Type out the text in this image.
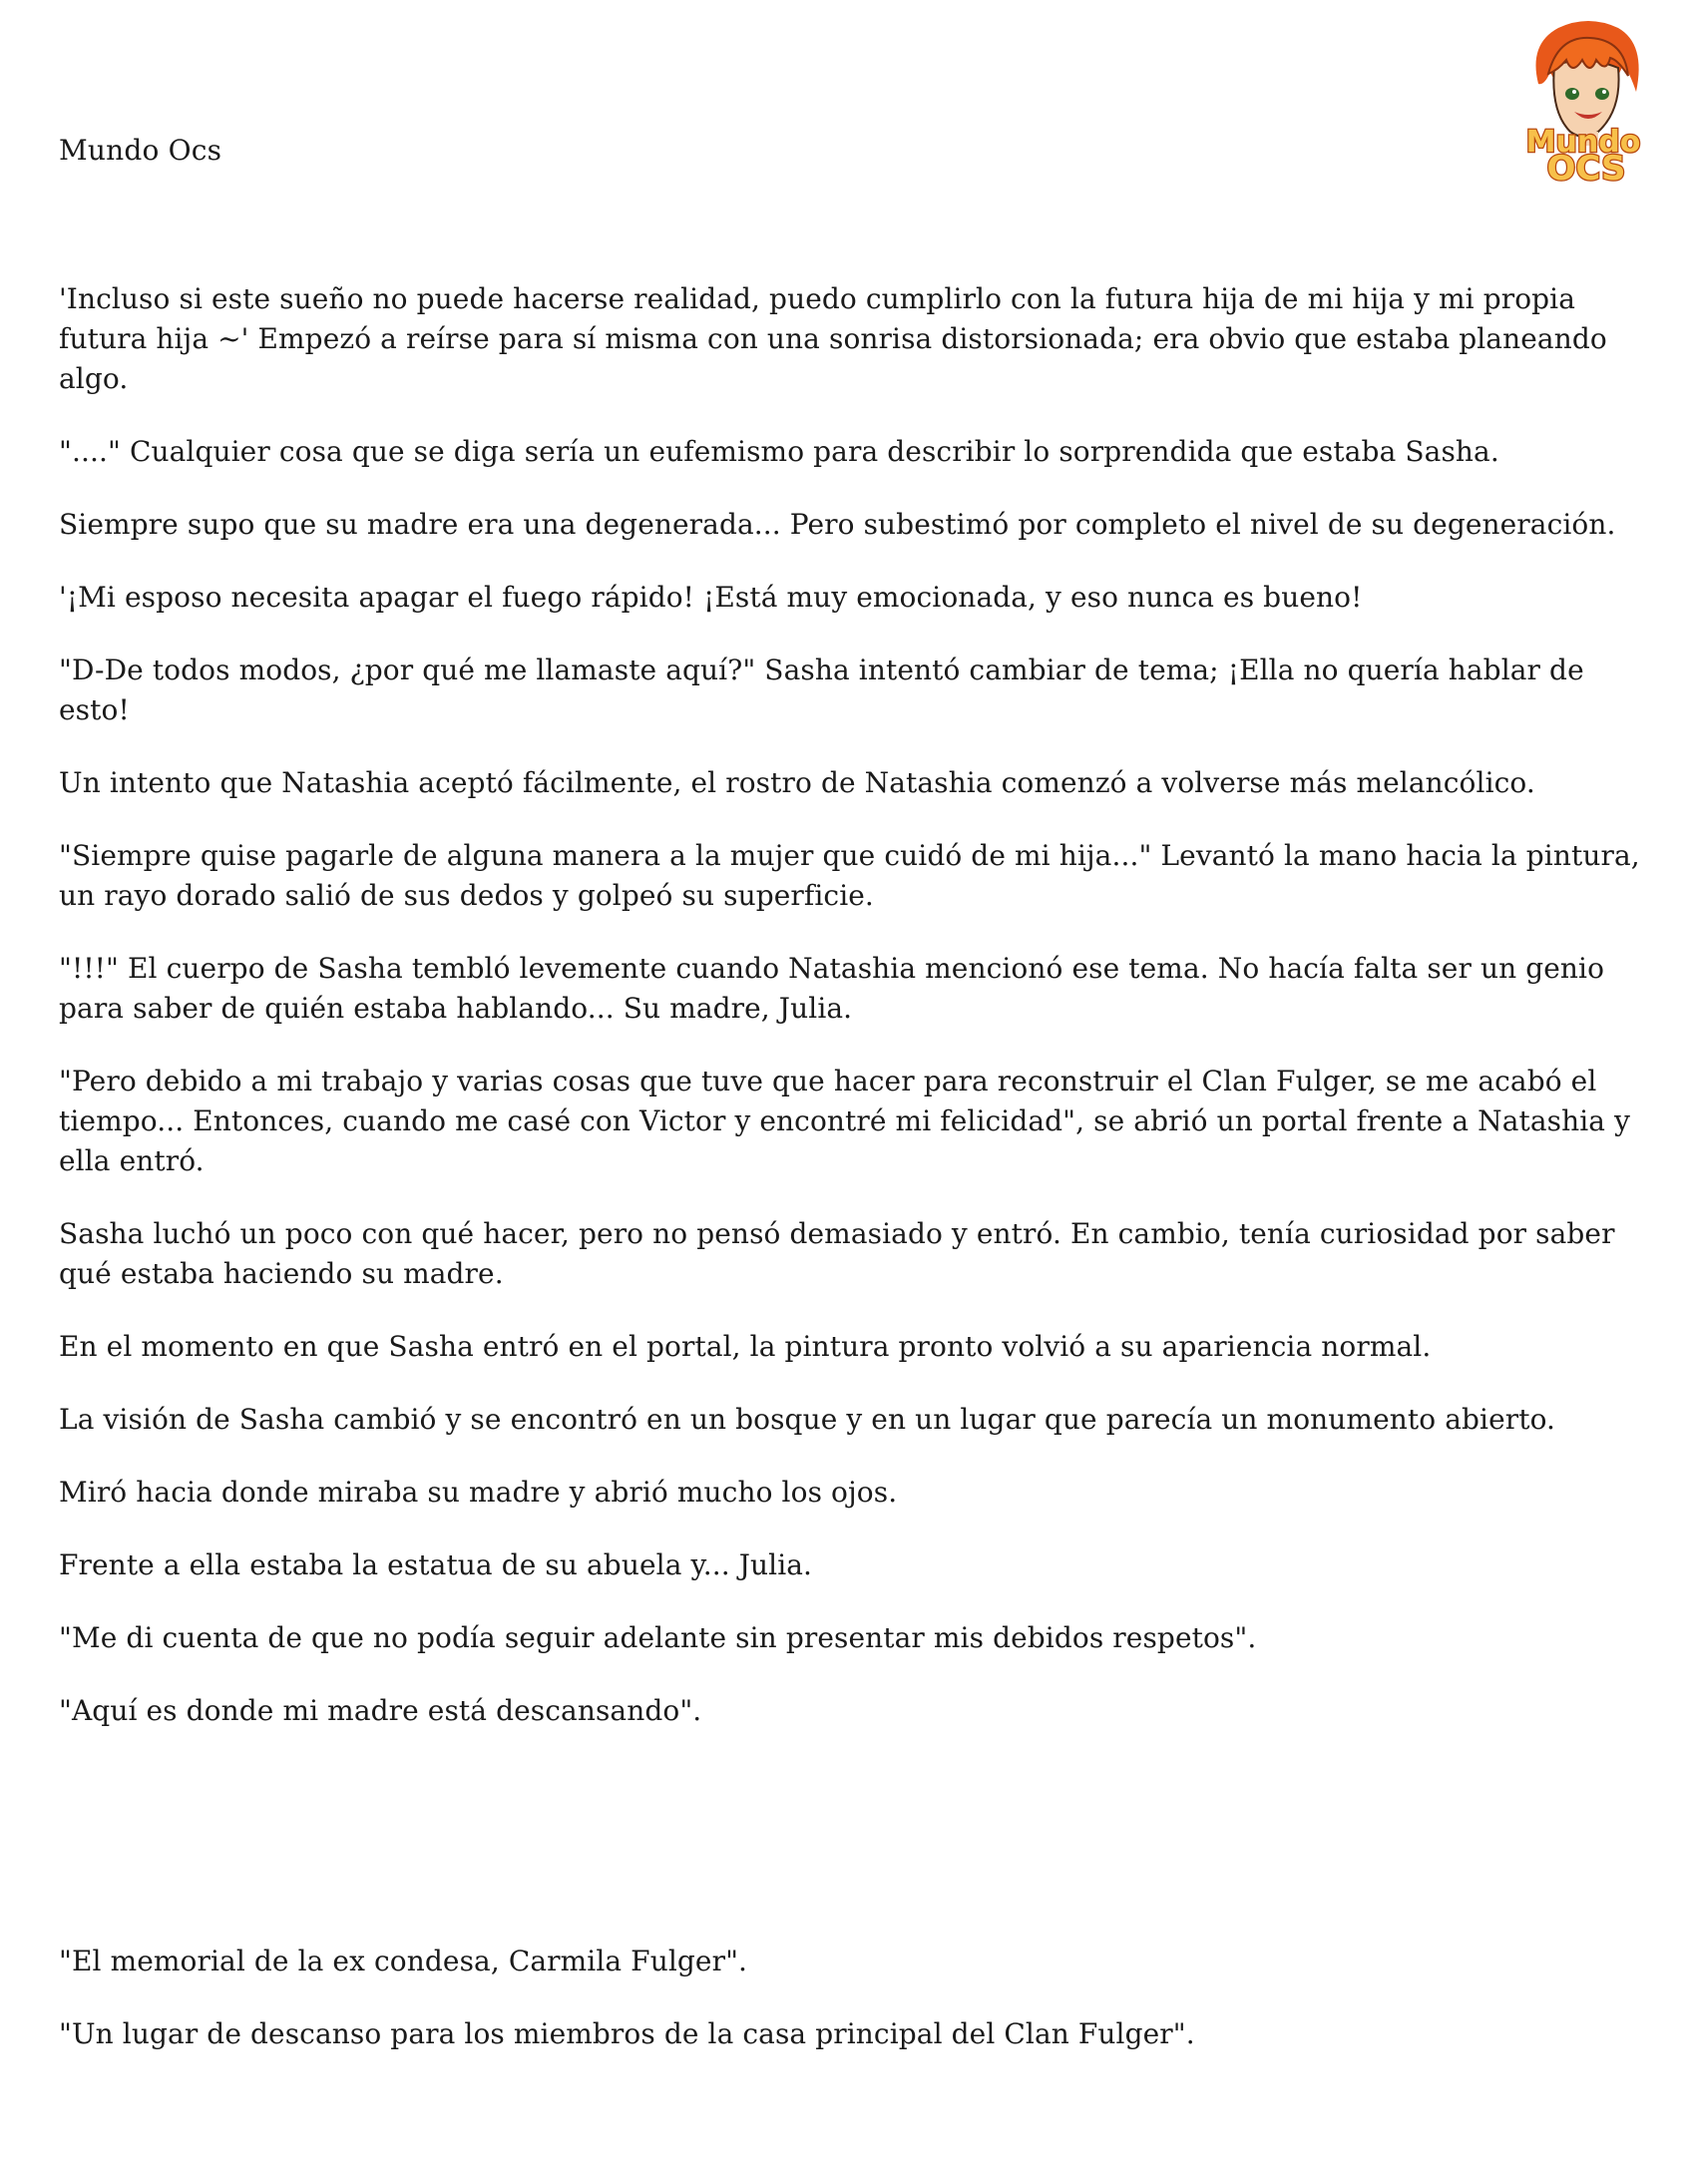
Mundo Ocs	Mundo
OCS

'Incluso si este sueño no puede hacerse realidad, puedo cumplirlo con la futura hija de mi hija y mi propia futura hija ~' Empezó a reírse para sí misma con una sonrisa distorsionada; era obvio que estaba planeando algo.

"...." Cualquier cosa que se diga sería un eufemismo para describir lo sorprendida que estaba Sasha.

Siempre supo que su madre era una degenerada... Pero subestimó por completo el nivel de su degeneración.

'¡Mi esposo necesita apagar el fuego rápido! ¡Está muy emocionada, y eso nunca es bueno!

"D-De todos modos, ¿por qué me llamaste aquí?" Sasha intentó cambiar de tema; ¡Ella no quería hablar de esto!

Un intento que Natashia aceptó fácilmente, el rostro de Natashia comenzó a volverse más melancólico.

"Siempre quise pagarle de alguna manera a la mujer que cuidó de mi hija..." Levantó la mano hacia la pintura, un rayo dorado salió de sus dedos y golpeó su superficie.

"!!!" El cuerpo de Sasha tembló levemente cuando Natashia mencionó ese tema. No hacía falta ser un genio para saber de quién estaba hablando... Su madre, Julia.

"Pero debido a mi trabajo y varias cosas que tuve que hacer para reconstruir el Clan Fulger, se me acabó el tiempo... Entonces, cuando me casé con Victor y encontré mi felicidad", se abrió un portal frente a Natashia y ella entró.

Sasha luchó un poco con qué hacer, pero no pensó demasiado y entró. En cambio, tenía curiosidad por saber qué estaba haciendo su madre.

En el momento en que Sasha entró en el portal, la pintura pronto volvió a su apariencia normal.

La visión de Sasha cambió y se encontró en un bosque y en un lugar que parecía un monumento abierto.

Miró hacia donde miraba su madre y abrió mucho los ojos.

Frente a ella estaba la estatua de su abuela y... Julia.

"Me di cuenta de que no podía seguir adelante sin presentar mis debidos respetos".

"Aquí es donde mi madre está descansando".

"El memorial de la ex condesa, Carmila Fulger".

"Un lugar de descanso para los miembros de la casa principal del Clan Fulger".
